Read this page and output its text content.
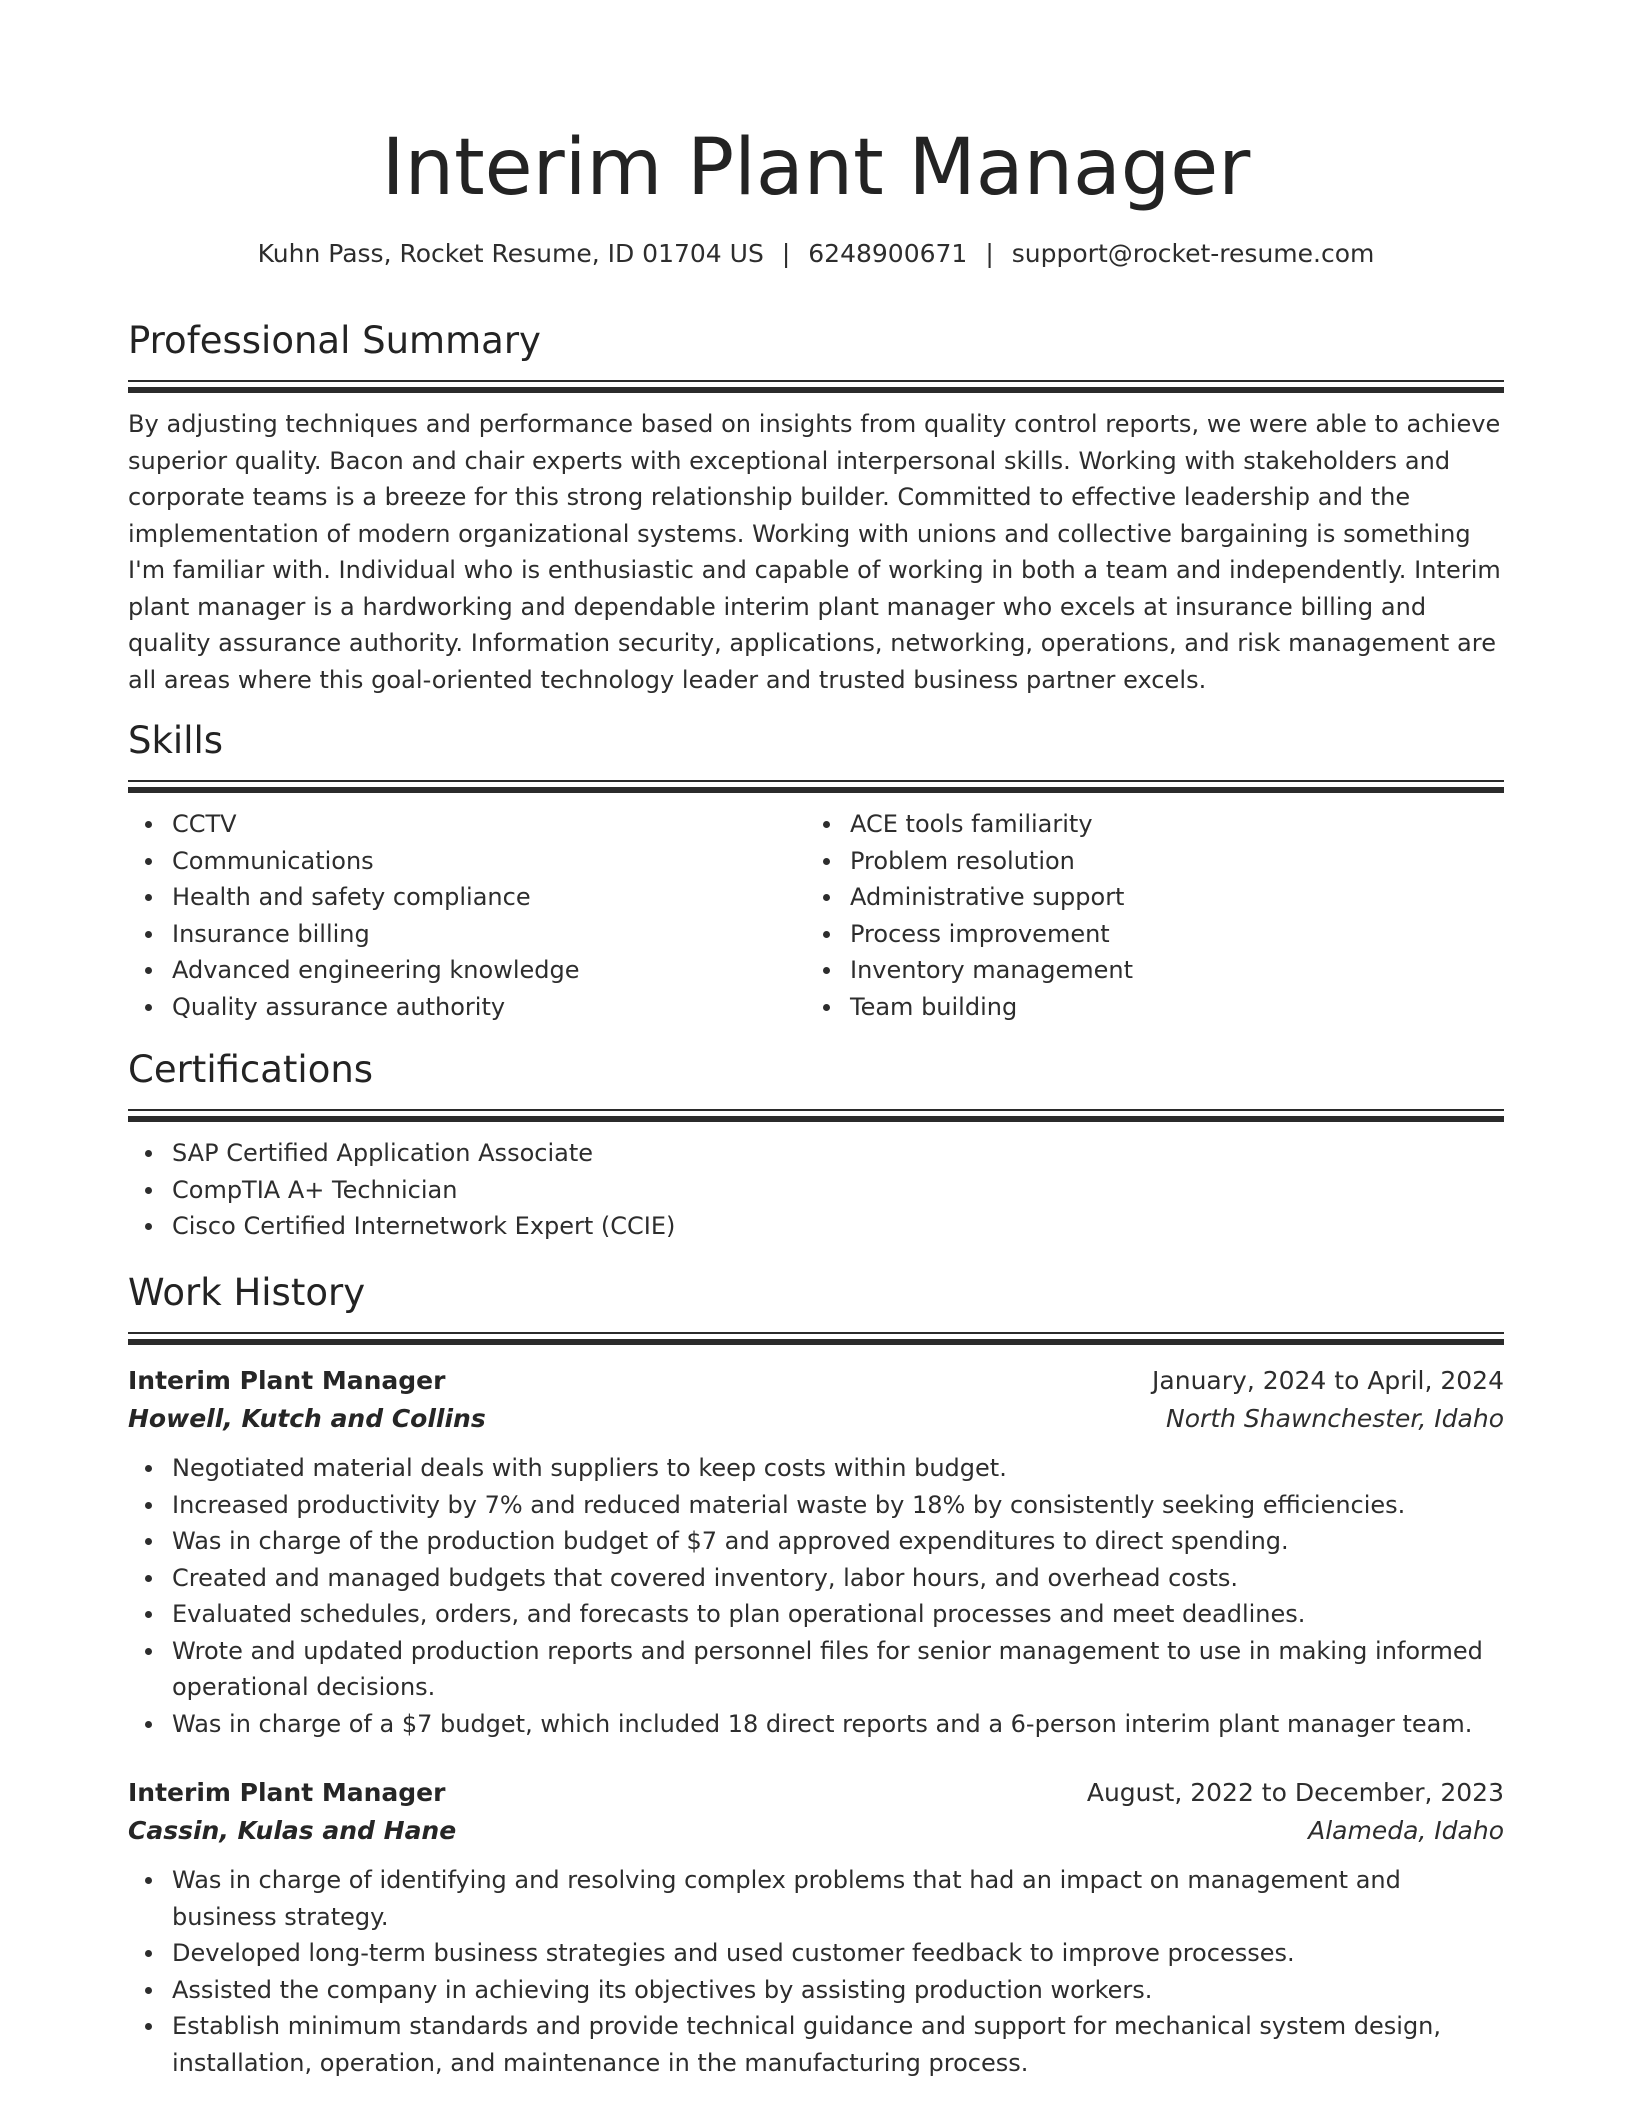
Interim Plant Manager
Kuhn Pass, Rocket Resume, ID 01704 US | 6248900671 | support@rocket-resume.com
Professional Summary

By adjusting techniques and performance based on insights from quality control reports, we were able to achieve superior quality. Bacon and chair experts with exceptional interpersonal skills. Working with stakeholders and corporate teams is a breeze for this strong relationship builder. Committed to effective leadership and the implementation of modern organizational systems. Working with unions and collective bargaining is something I'm familiar with. Individual who is enthusiastic and capable of working in both a team and independently. Interim plant manager is a hardworking and dependable interim plant manager who excels at insurance billing and quality assurance authority. Information security, applications, networking, operations, and risk management are all areas where this goal-oriented technology leader and trusted business partner excels.

Skills
CCTV
Communications
Health and safety compliance
Insurance billing
Advanced engineering knowledge
Quality assurance authority
ACE tools familiarity
Problem resolution
Administrative support
Process improvement
Inventory management
Team building
Certifications
SAP Certified Application Associate
CompTIA A+ Technician
Cisco Certified Internetwork Expert (CCIE)
Work History
Interim Plant Manager	January, 2024 to April, 2024
Howell, Kutch and Collins	North Shawnchester, Idaho
Negotiated material deals with suppliers to keep costs within budget.
Increased productivity by 7% and reduced material waste by 18% by consistently seeking efficiencies.
Was in charge of the production budget of $7 and approved expenditures to direct spending.
Created and managed budgets that covered inventory, labor hours, and overhead costs.
Evaluated schedules, orders, and forecasts to plan operational processes and meet deadlines.
Wrote and updated production reports and personnel files for senior management to use in making informed operational decisions.
Was in charge of a $7 budget, which included 18 direct reports and a 6-person interim plant manager team.
Interim Plant Manager	August, 2022 to December, 2023
Cassin, Kulas and Hane	Alameda, Idaho
Was in charge of identifying and resolving complex problems that had an impact on management and business strategy.
Developed long-term business strategies and used customer feedback to improve processes.
Assisted the company in achieving its objectives by assisting production workers.
Establish minimum standards and provide technical guidance and support for mechanical system design, installation, operation, and maintenance in the manufacturing process.
